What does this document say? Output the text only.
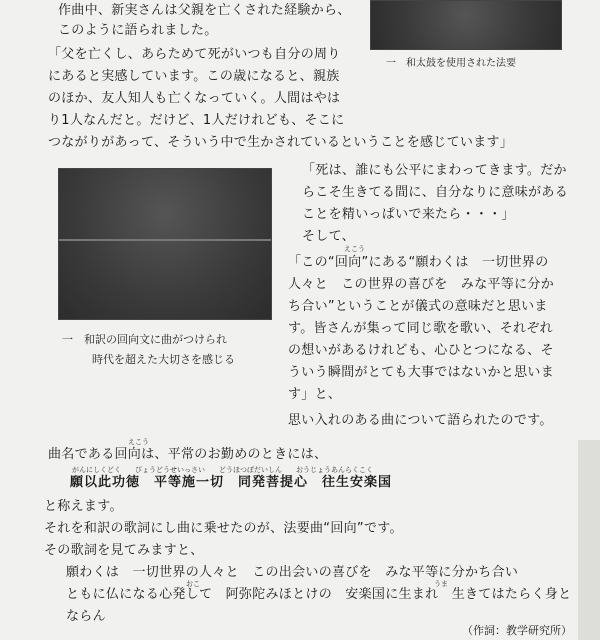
作曲中、新実さんは父親を亡くされた経験から、
このように語られました。
「父を亡くし、あらためて死がいつも自分の周り
にあると実感しています。この歳になると、親族
のほか、友人知人も亡くなっていく。人間はやは
り1人なんだと。だけど、1人だけれども、そこに
つながりがあって、そういう中で生かされているということを感じています」
一　和太鼓を使用された法要
一　和訳の回向文に曲がつけられ
時代を超えた大切さを感じる
「死は、誰にも公平にまわってきます。だか
らこそ生きてる間に、自分なりに意味がある
ことを精いっぱいで来たら・・・」
そして、
えこう
「この“回向”にある“願わくは　一切世界の
人々と　この世界の喜びを　みな平等に分か
ち合い”ということが儀式の意味だと思いま
す。皆さんが集って同じ歌を歌い、それぞれ
の想いがあるけれども、心ひとつになる、そ
ういう瞬間がとても大事ではないかと思いま
す」と、
思い入れのある曲について語られたのです。
えこう
曲名である回向は、平常のお勤めのときには、
がんにしくどく　　びょうどうせいっさい　　どうほつぼだいしん　　おうじょうあんらくこく
願以此功徳　平等施一切　同発菩提心　往生安楽国
と称えます。
それを和訳の歌詞にし曲に乗せたのが、法要曲“回向”です。
その歌詞を見てみますと、
願わくは　一切世界の人々と　この出会いの喜びを　みな平等に分かち合い
おこ	うま
ともに仏になる心発して　阿弥陀みほとけの　安楽国に生まれ　生きてはたらく身と
ならん
（作詞：教学研究所）
